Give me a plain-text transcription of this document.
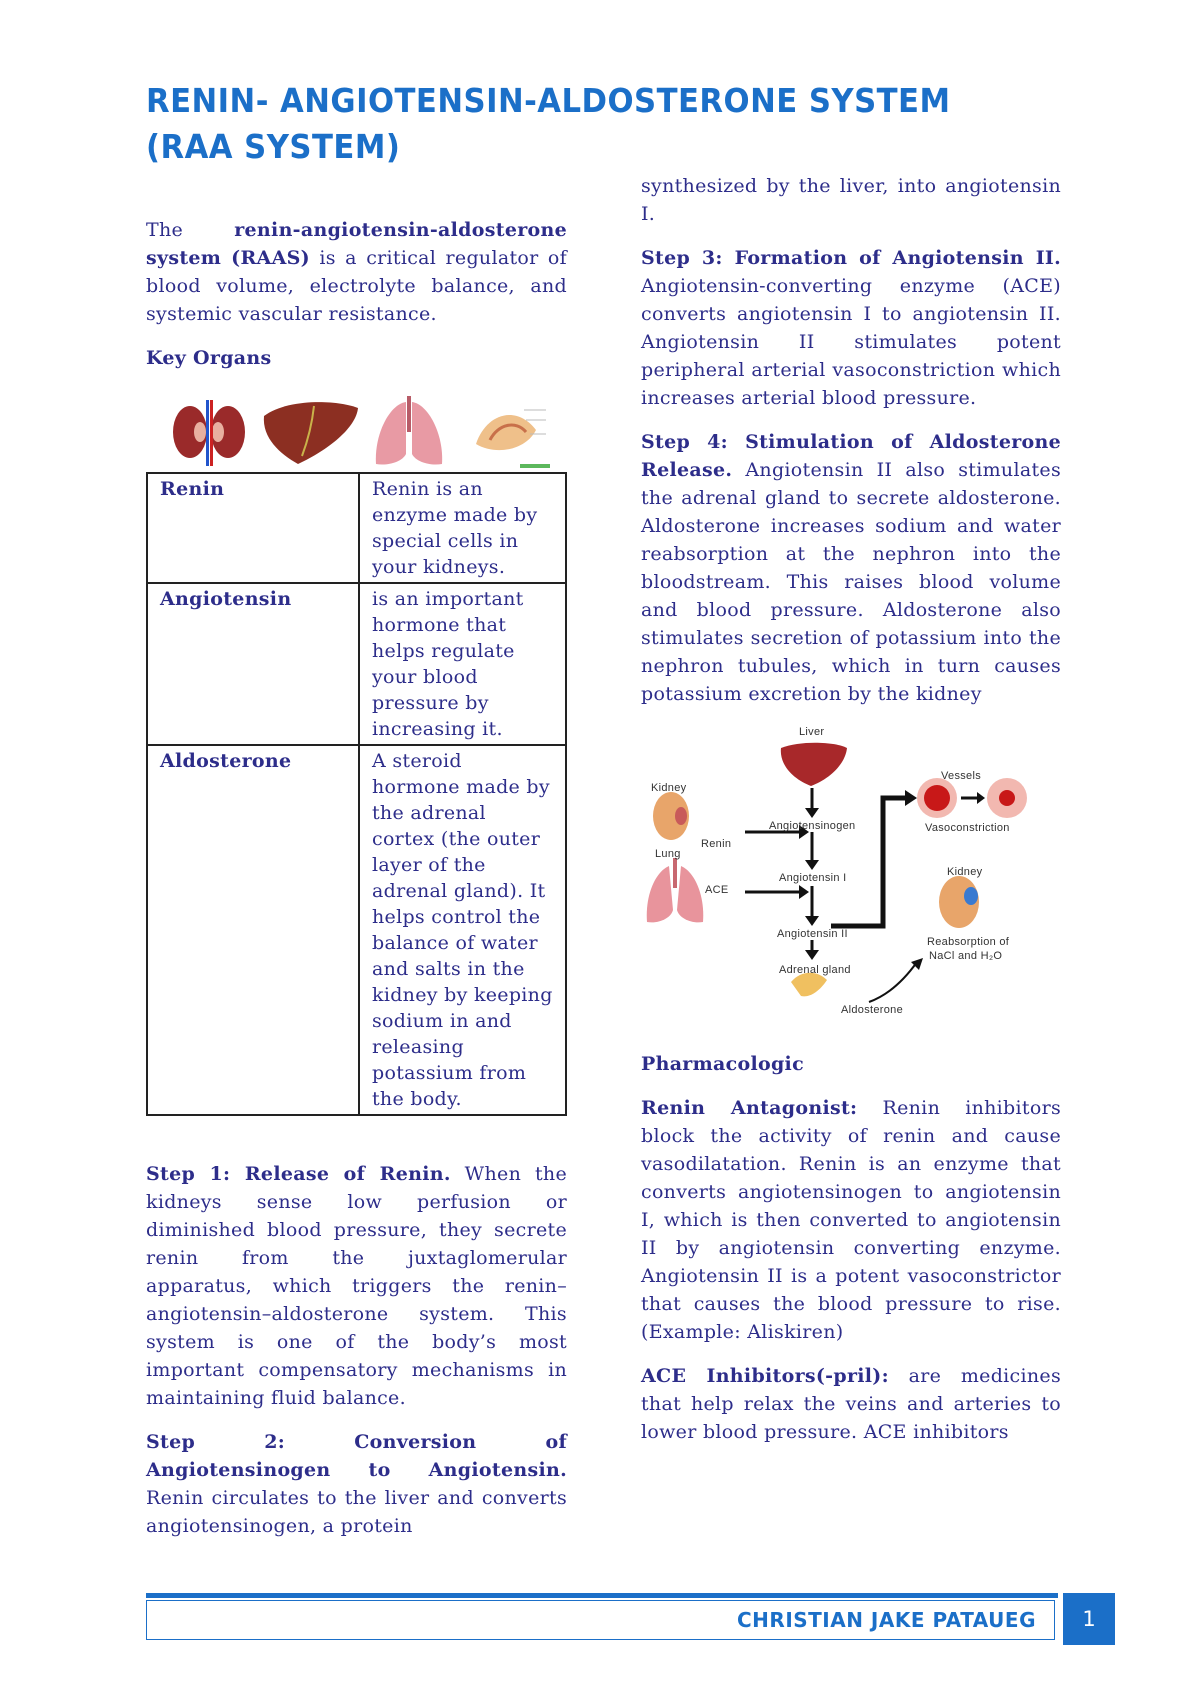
RENIN- ANGIOTENSIN-ALDOSTERONE SYSTEM (RAA SYSTEM)

The	renin-angiotensin-aldosterone system (RAAS) is a critical regulator of blood volume, electrolyte balance, and systemic vascular resistance.

Key Organs
Renin	Renin is an enzyme made by special cells in your kidneys.
Angiotensin	is an important hormone that helps regulate your blood pressure by increasing it.
Aldosterone	A steroid hormone made by the adrenal cortex (the outer layer of the adrenal gland). It helps control the balance of water and salts in the kidney by keeping sodium in and releasing potassium from the body.

Step 1: Release of Renin. When the kidneys sense low perfusion or diminished blood pressure, they secrete renin from the juxtaglomerular apparatus, which triggers the renin–angiotensin–aldosterone system. This system is one of the body’s most important compensatory mechanisms in maintaining fluid balance.

Step 2: Conversion of Angiotensinogen to Angiotensin. Renin circulates to the liver and converts angiotensinogen, a protein

synthesized by the liver, into angiotensin I.

Step 3: Formation of Angiotensin II. Angiotensin-converting enzyme (ACE) converts angiotensin I to angiotensin II. Angiotensin II stimulates potent peripheral arterial vasoconstriction which increases arterial blood pressure.

Step 4: Stimulation of Aldosterone Release. Angiotensin II also stimulates the adrenal gland to secrete aldosterone. Aldosterone increases sodium and water reabsorption at the nephron into the bloodstream. This raises blood volume and blood pressure. Aldosterone also stimulates secretion of potassium into the nephron tubules, which in turn causes potassium excretion by the kidney

Liver
Kidney
Angiotensinogen
Renin
Lung
Angiotensin I
ACE
Angiotensin II
Adrenal gland
Aldosterone
Vessels
Vasoconstriction
Kidney
Reabsorption of
NaCl and H₂O
Pharmacologic

Renin Antagonist: Renin inhibitors block the activity of renin and cause vasodilatation. Renin is an enzyme that converts angiotensinogen to angiotensin I, which is then converted to angiotensin II by angiotensin converting enzyme. Angiotensin II is a potent vasoconstrictor that causes the blood pressure to rise. (Example: Aliskiren)

ACE Inhibitors(-pril): are medicines that help relax the veins and arteries to lower blood pressure. ACE inhibitors

CHRISTIAN JAKE PATAUEG	1
